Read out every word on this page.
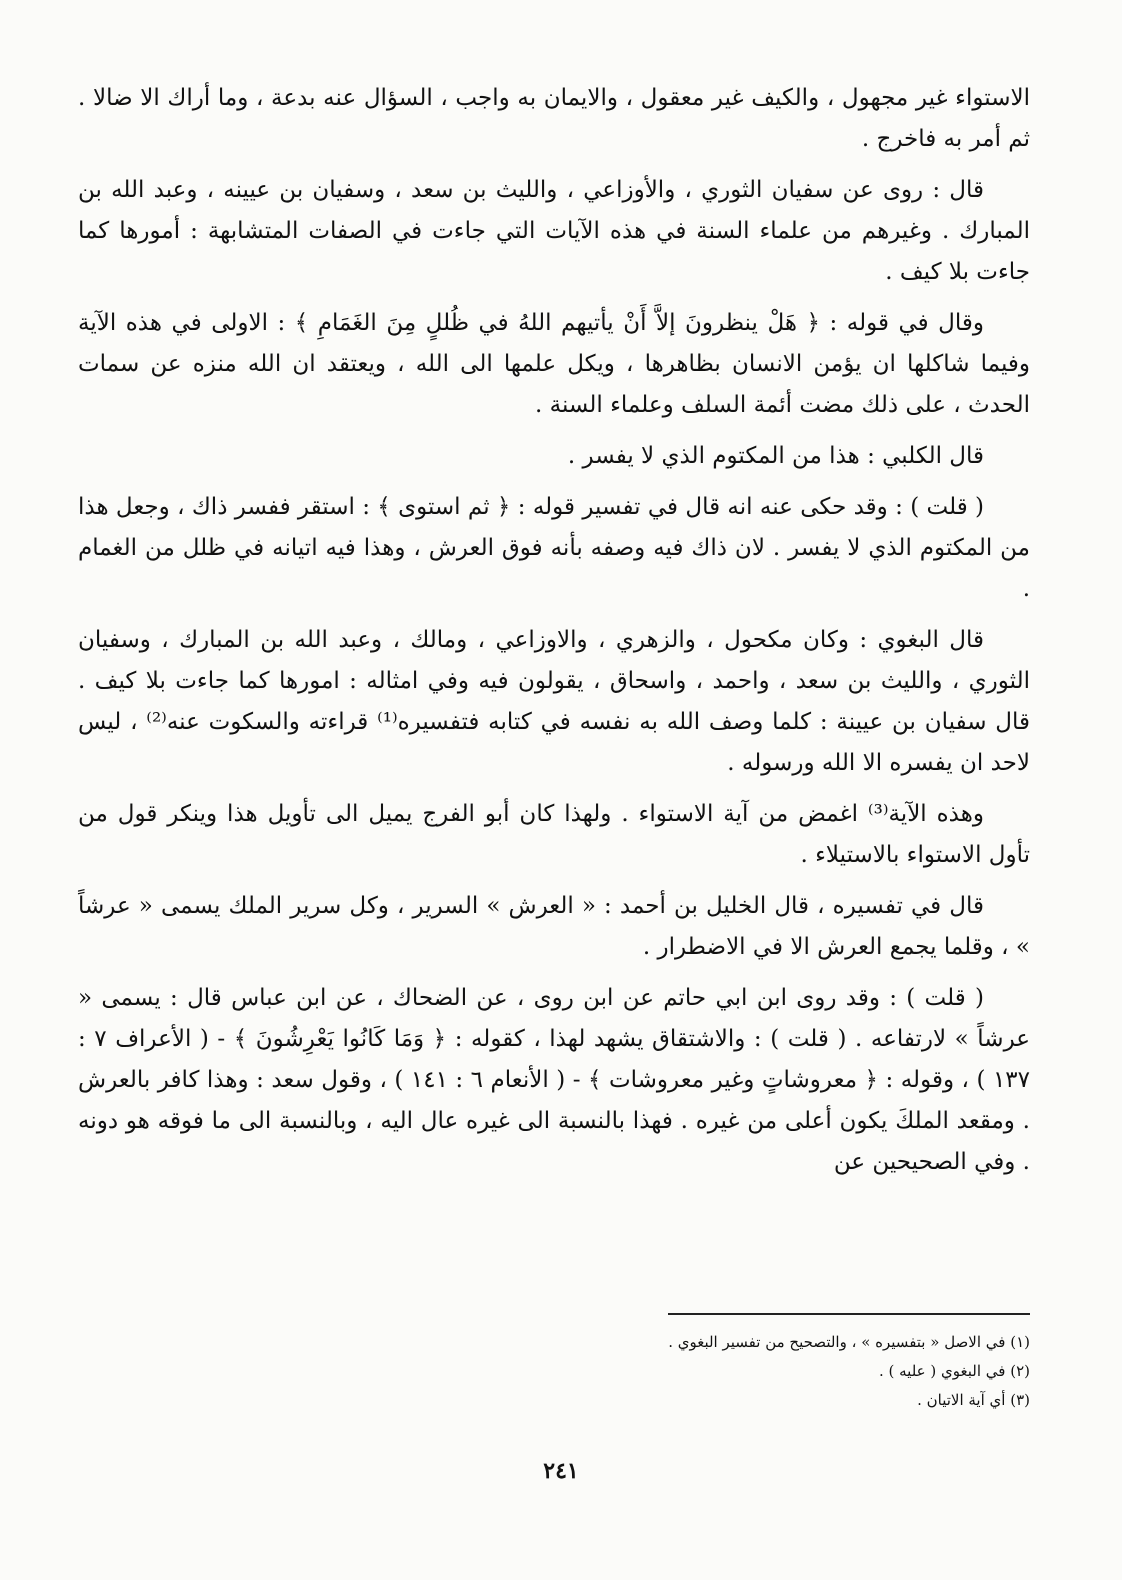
الاستواء غير مجهول ، والكيف غير معقول ، والايمان به واجب ، السؤال عنه بدعة ، وما أراك الا ضالا . ثم أمر به فاخرج .

قال : روى عن سفيان الثوري ، والأوزاعي ، والليث بن سعد ، وسفيان بن عيينه ، وعبد الله بن المبارك . وغيرهم من علماء السنة في هذه الآيات التي جاءت في الصفات المتشابهة : أمورها كما جاءت بلا كيف .

وقال في قوله : ﴿ هَلْ ينظرونَ إلاَّ أَنْ يأتيهم اللهُ في ظُللٍ مِنَ الغَمَامِ ﴾ : الاولى في هذه الآية وفيما شاكلها ان يؤمن الانسان بظاهرها ، ويكل علمها الى الله ، ويعتقد ان الله منزه عن سمات الحدث ، على ذلك مضت أئمة السلف وعلماء السنة .

قال الكلبي : هذا من المكتوم الذي لا يفسر .

( قلت ) : وقد حكى عنه انه قال في تفسير قوله : ﴿ ثم استوى ﴾ : استقر ففسر ذاك ، وجعل هذا من المكتوم الذي لا يفسر . لان ذاك فيه وصفه بأنه فوق العرش ، وهذا فيه اتيانه في ظلل من الغمام .

قال البغوي : وكان مكحول ، والزهري ، والاوزاعي ، ومالك ، وعبد الله بن المبارك ، وسفيان الثوري ، والليث بن سعد ، واحمد ، واسحاق ، يقولون فيه وفي امثاله : امورها كما جاءت بلا كيف . قال سفيان بن عيينة : كلما وصف الله به نفسه في كتابه فتفسيره⁽¹⁾ قراءته والسكوت عنه⁽²⁾ ، ليس لاحد ان يفسره الا الله ورسوله .

وهذه الآية⁽³⁾ اغمض من آية الاستواء . ولهذا كان أبو الفرج يميل الى تأويل هذا وينكر قول من تأول الاستواء بالاستيلاء .

قال في تفسيره ، قال الخليل بن أحمد : « العرش » السرير ، وكل سرير الملك يسمى « عرشاً » ، وقلما يجمع العرش الا في الاضطرار .

( قلت ) : وقد روى ابن ابي حاتم عن ابن روى ، عن الضحاك ، عن ابن عباس قال : يسمى « عرشاً » لارتفاعه . ( قلت ) : والاشتقاق يشهد لهذا ، كقوله : ﴿ وَمَا كَانُوا يَعْرِشُونَ ﴾ - ( الأعراف ٧ : ١٣٧ ) ، وقوله : ﴿ معروشاتٍ وغير معروشات ﴾ - ( الأنعام ٦ : ١٤١ ) ، وقول سعد : وهذا كافر بالعرش . ومقعد الملكَ يكون أعلى من غيره . فهذا بالنسبة الى غيره عال اليه ، وبالنسبة الى ما فوقه هو دونه . وفي الصحيحين عن

(١) في الاصل « بتفسيره » ، والتصحيح من تفسير البغوي .

(٢) في البغوي ( عليه ) .

(٣) أي آية الاتيان .

٢٤١
